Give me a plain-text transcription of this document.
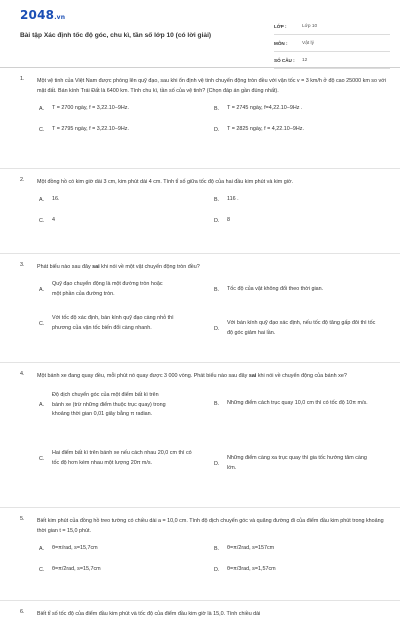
2048.vn
Bài tập Xác định tốc độ góc, chu kì, tần số lớp 10 (có lời giải)
LỚP :	Lớp 10
MÔN :	Vật lý
SỐ CÂU :	12
1. Một vệ tinh của Việt Nam được phóng lên quỹ đạo, sau khi ổn định vệ tinh chuyển động tròn đều với vận tốc v = 3 km/h ở độ cao 25000 km so với mặt đất. Bán kính Trái Đất là 6400 km. Tính chu kì, tần số của vệ tinh? (Chọn đáp án gần đúng nhất).
A.	T = 2700 ngày, f = 3,22.10−9Hz.	B.	T = 2745 ngày, f=4,22.10−9Hz .
C.	T = 2795 ngày, f = 3,22.10−9Hz.	D.	T = 2825 ngày, f = 4,22.10−9Hz.
2. Một đồng hồ có kim giờ dài 3 cm, kim phút dài 4 cm. Tính tỉ số giữa tốc độ của hai đầu kim phút và kim giờ.
A.	16.	B.	116 .
C.	4	D.	8
3. Phát biểu nào sau đây sai khi nói về một vật chuyển động tròn đều?
A.
Quỹ đạo chuyển động là một đường tròn hoặc một phần của đường tròn.
B.	Tốc độ của vật không đổi theo thời gian.
C.
Với tốc độ xác định, bán kính quỹ đạo càng nhỏ thì phương của vận tốc biến đổi càng nhanh.	D.
Với bán kính quỹ đạo xác định, nếu tốc độ tăng gấp đôi thì tốc độ góc giảm hai lần.
4. Một bánh xe đang quay đều, mỗi phút nó quay được 3 000 vòng. Phát biểu nào sau đây sai khi nói về chuyển động của bánh xe?
A.
Độ dịch chuyển góc của một điểm bất kì trên bánh xe (trừ những điểm thuộc trục quay) trong khoảng thời gian 0,01 giây bằng π radian.
B.	Những điểm cách trục quay 10,0 cm thì có tốc độ 10π m/s.
C.
Hai điểm bất kì trên bánh xe nếu cách nhau 20,0 cm thì có tốc độ hơn kém nhau một lượng 20π m/s.	D.
Những điểm càng xa trục quay thì gia tốc hướng tâm càng lớn.
5. Biết kim phút của đồng hồ treo tường có chiều dài a = 10,0 cm. Tính độ dịch chuyển góc và quãng đường đi của điểm đầu kim phút trong khoảng thời gian t = 15,0 phút.
A.	θ=π/rad, s=15,7cm	B.	θ=π/2rad, s=157cm
C.	θ=π/2rad, s=15,7cm	D.	θ=π/3rad, s=1,57cm
6. Biết tỉ số tốc độ của điểm đầu kim phút và tốc độ của điểm đầu kim giờ là 15,0. Tính chiều dài
